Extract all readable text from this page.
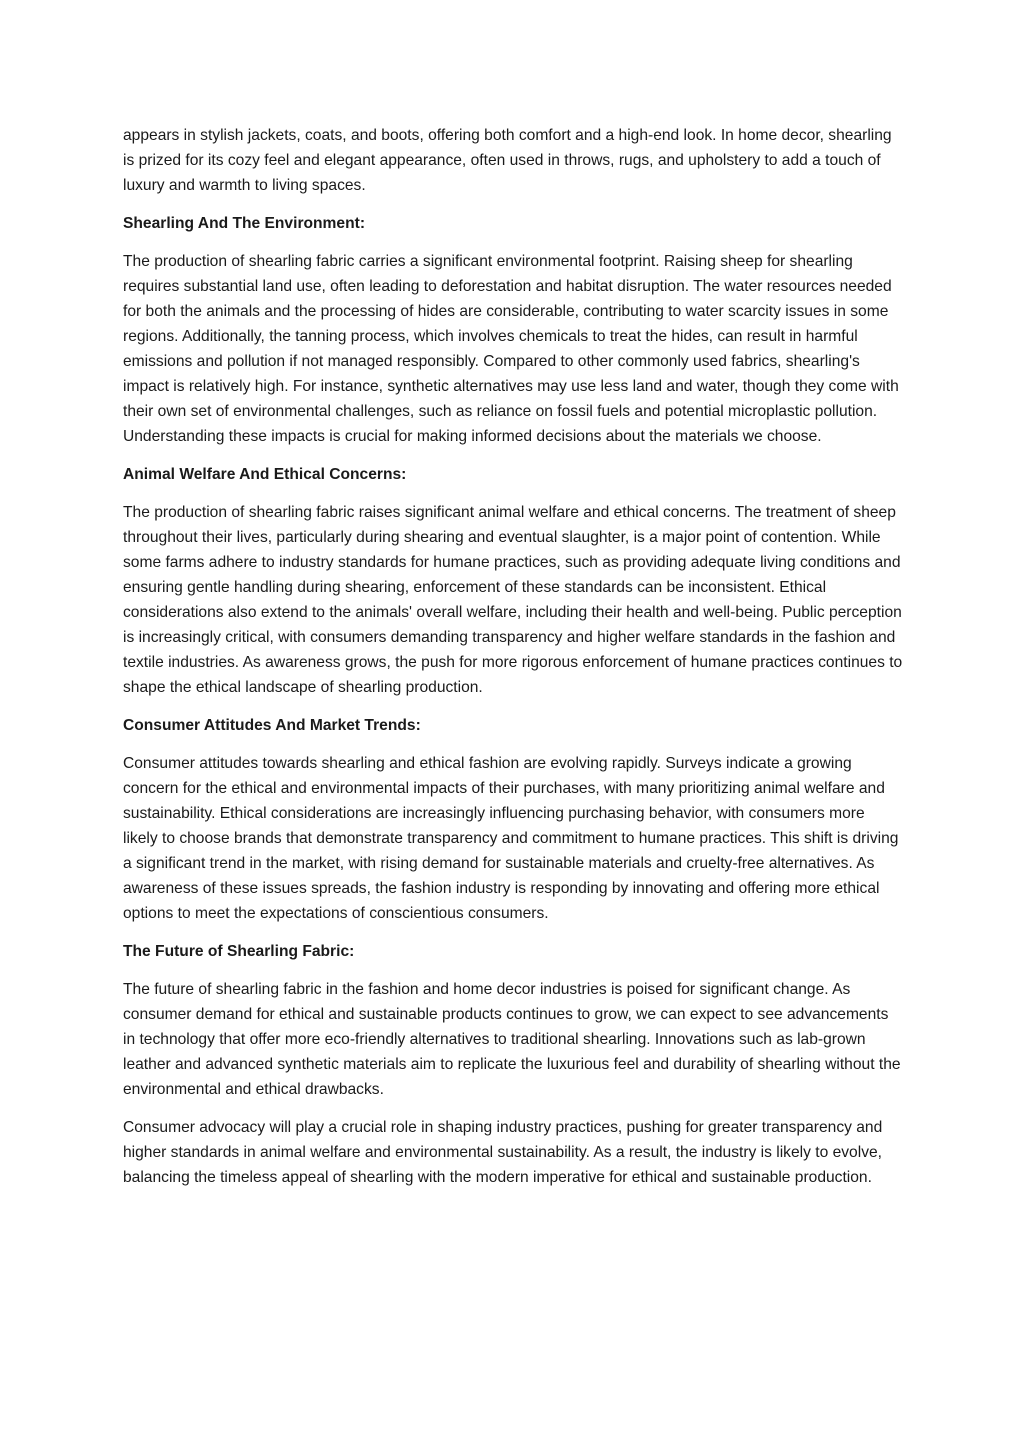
appears in stylish jackets, coats, and boots, offering both comfort and a high-end look. In home decor, shearling is prized for its cozy feel and elegant appearance, often used in throws, rugs, and upholstery to add a touch of luxury and warmth to living spaces.

Shearling And The Environment:

The production of shearling fabric carries a significant environmental footprint. Raising sheep for shearling requires substantial land use, often leading to deforestation and habitat disruption. The water resources needed for both the animals and the processing of hides are considerable, contributing to water scarcity issues in some regions. Additionally, the tanning process, which involves chemicals to treat the hides, can result in harmful emissions and pollution if not managed responsibly. Compared to other commonly used fabrics, shearling's impact is relatively high. For instance, synthetic alternatives may use less land and water, though they come with their own set of environmental challenges, such as reliance on fossil fuels and potential microplastic pollution. Understanding these impacts is crucial for making informed decisions about the materials we choose.

Animal Welfare And Ethical Concerns:

The production of shearling fabric raises significant animal welfare and ethical concerns. The treatment of sheep throughout their lives, particularly during shearing and eventual slaughter, is a major point of contention. While some farms adhere to industry standards for humane practices, such as providing adequate living conditions and ensuring gentle handling during shearing, enforcement of these standards can be inconsistent. Ethical considerations also extend to the animals' overall welfare, including their health and well-being. Public perception is increasingly critical, with consumers demanding transparency and higher welfare standards in the fashion and textile industries. As awareness grows, the push for more rigorous enforcement of humane practices continues to shape the ethical landscape of shearling production.

Consumer Attitudes And Market Trends:

Consumer attitudes towards shearling and ethical fashion are evolving rapidly. Surveys indicate a growing concern for the ethical and environmental impacts of their purchases, with many prioritizing animal welfare and sustainability. Ethical considerations are increasingly influencing purchasing behavior, with consumers more likely to choose brands that demonstrate transparency and commitment to humane practices. This shift is driving a significant trend in the market, with rising demand for sustainable materials and cruelty-free alternatives. As awareness of these issues spreads, the fashion industry is responding by innovating and offering more ethical options to meet the expectations of conscientious consumers.

The Future of Shearling Fabric:

The future of shearling fabric in the fashion and home decor industries is poised for significant change. As consumer demand for ethical and sustainable products continues to grow, we can expect to see advancements in technology that offer more eco-friendly alternatives to traditional shearling. Innovations such as lab-grown leather and advanced synthetic materials aim to replicate the luxurious feel and durability of shearling without the environmental and ethical drawbacks.

Consumer advocacy will play a crucial role in shaping industry practices, pushing for greater transparency and higher standards in animal welfare and environmental sustainability. As a result, the industry is likely to evolve, balancing the timeless appeal of shearling with the modern imperative for ethical and sustainable production.
